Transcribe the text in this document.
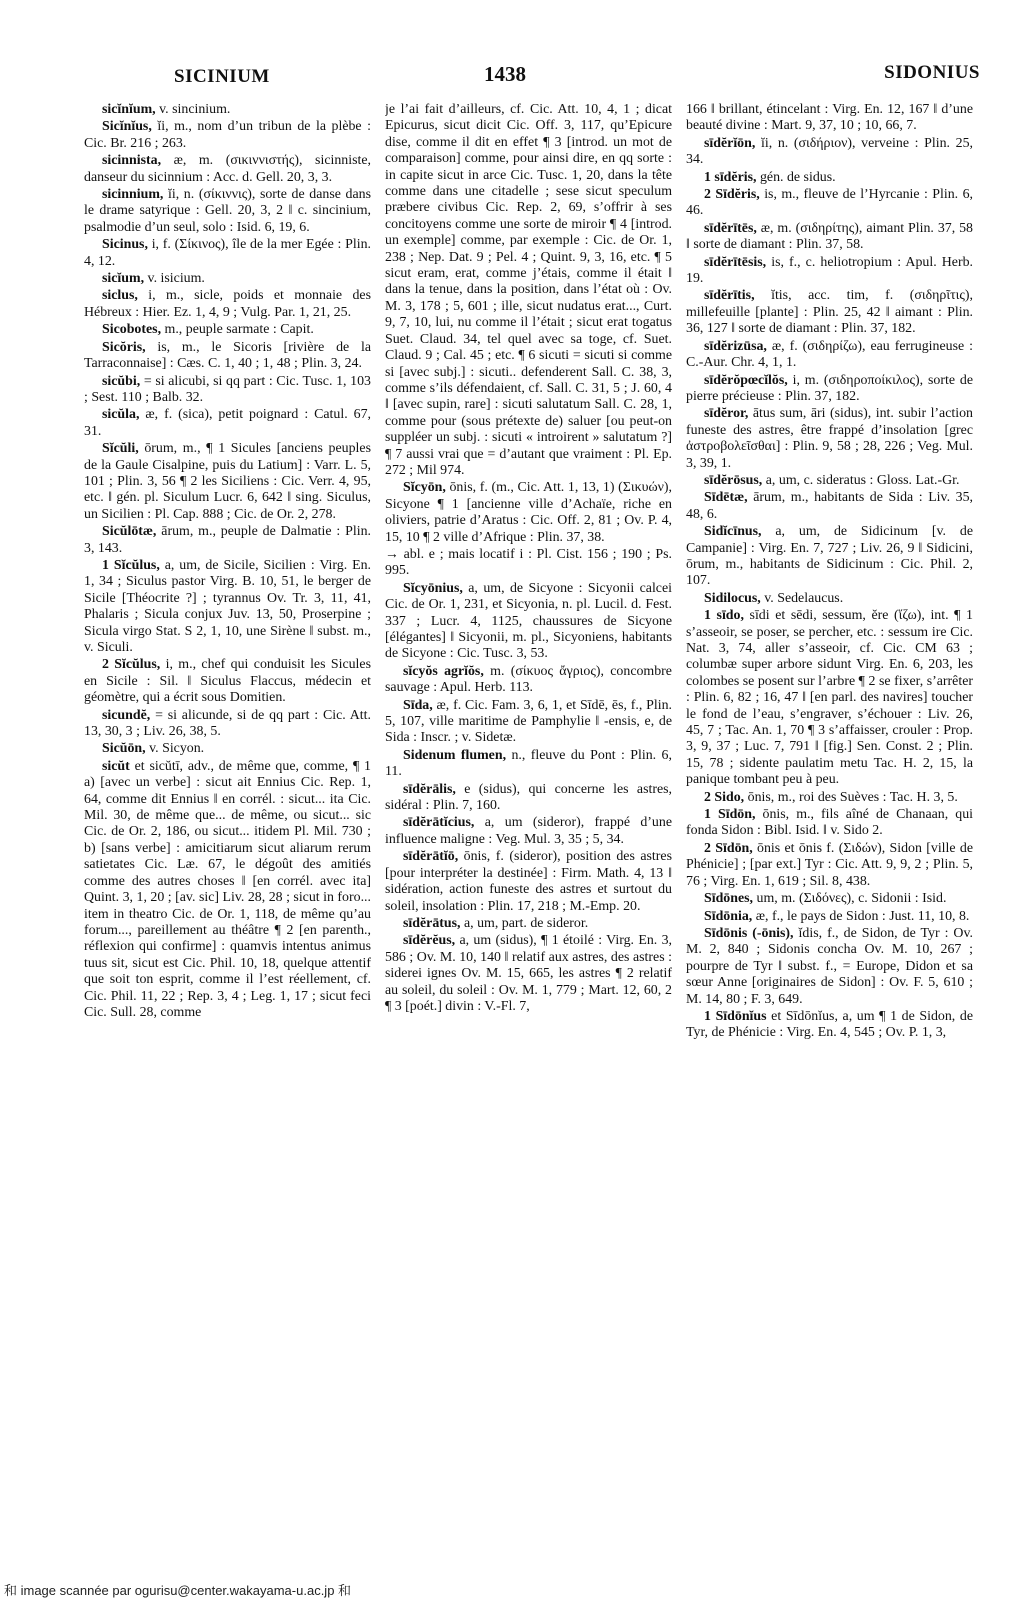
SICINIUM	1438	SIDONIUS

sicĭnĭum, v. sincinium.

Sicĭnĭus, ĭi, m., nom d’un tribun de la plèbe : Cic. Br. 216 ; 263.

sicinnista, æ, m. (σικιννιστής), sicinniste, danseur du sicinnium : Acc. d. Gell. 20, 3, 3.

sicinnium, ĭi, n. (σίκιννις), sorte de danse dans le drame satyrique : Gell. 20, 3, 2 ‖ c. sincinium, psalmodie d’un seul, solo : Isid. 6, 19, 6.

Sicinus, i, f. (Σίκινος), île de la mer Egée : Plin. 4, 12.

sicĭum, v. isicium.

siclus, i, m., sicle, poids et monnaie des Hébreux : Hier. Ez. 1, 4, 9 ; Vulg. Par. 1, 21, 25.

Sicobotes, m., peuple sarmate : Capit.

Sicŏris, is, m., le Sicoris [rivière de la Tarraconnaise] : Cæs. C. 1, 40 ; 1, 48 ; Plin. 3, 24.

sicŭbi, = si alicubi, si qq part : Cic. Tusc. 1, 103 ; Sest. 110 ; Balb. 32.

sicŭla, æ, f. (sica), petit poignard : Catul. 67, 31.

Sĭcŭli, ōrum, m., ¶ 1 Sicules [anciens peuples de la Gaule Cisalpine, puis du Latium] : Varr. L. 5, 101 ; Plin. 3, 56 ¶ 2 les Siciliens : Cic. Verr. 4, 95, etc. ‖ gén. pl. Siculum Lucr. 6, 642 ‖ sing. Siculus, un Sicilien : Pl. Cap. 888 ; Cic. de Or. 2, 278.

Sicŭlōtæ, ārum, m., peuple de Dalmatie : Plin. 3, 143.

1 Sĭcŭlus, a, um, de Sicile, Sicilien : Virg. En. 1, 34 ; Siculus pastor Virg. B. 10, 51, le berger de Sicile [Théocrite ?] ; tyrannus Ov. Tr. 3, 11, 41, Phalaris ; Sicula conjux Juv. 13, 50, Proserpine ; Sicula virgo Stat. S 2, 1, 10, une Sirène ‖ subst. m., v. Siculi.

2 Sĭcŭlus, i, m., chef qui conduisit les Sicules en Sicile : Sil. ‖ Siculus Flaccus, médecin et géomètre, qui a écrit sous Domitien.

sicundĕ, = si alicunde, si de qq part : Cic. Att. 13, 30, 3 ; Liv. 26, 38, 5.

Sicŭōn, v. Sicyon.

sicŭt et sicŭtī, adv., de même que, comme, ¶ 1 a) [avec un verbe] : sicut ait Ennius Cic. Rep. 1, 64, comme dit Ennius ‖ en corrél. : sicut... ita Cic. Mil. 30, de même que... de même, ou sicut... sic Cic. de Or. 2, 186, ou sicut... itidem Pl. Mil. 730 ; b) [sans verbe] : amicitiarum sicut aliarum rerum satietates Cic. Læ. 67, le dégoût des amitiés comme des autres choses ‖ [en corrél. avec ita] Quint. 3, 1, 20 ; [av. sic] Liv. 28, 28 ; sicut in foro... item in theatro Cic. de Or. 1, 118, de même qu’au forum..., pareillement au théâtre ¶ 2 [en parenth., réflexion qui confirme] : quamvis intentus animus tuus sit, sicut est Cic. Phil. 10, 18, quelque attentif que soit ton esprit, comme il l’est réellement, cf. Cic. Phil. 11, 22 ; Rep. 3, 4 ; Leg. 1, 17 ; sicut feci Cic. Sull. 28, comme

je l’ai fait d’ailleurs, cf. Cic. Att. 10, 4, 1 ; dicat Epicurus, sicut dicit Cic. Off. 3, 117, qu’Epicure dise, comme il dit en effet ¶ 3 [introd. un mot de comparaison] comme, pour ainsi dire, en qq sorte : in capite sicut in arce Cic. Tusc. 1, 20, dans la tête comme dans une citadelle ; sese sicut speculum præbere civibus Cic. Rep. 2, 69, s’offrir à ses concitoyens comme une sorte de miroir ¶ 4 [introd. un exemple] comme, par exemple : Cic. de Or. 1, 238 ; Nep. Dat. 9 ; Pel. 4 ; Quint. 9, 3, 16, etc. ¶ 5 sicut eram, erat, comme j’étais, comme il était ‖ dans la tenue, dans la position, dans l’état où : Ov. M. 3, 178 ; 5, 601 ; ille, sicut nudatus erat..., Curt. 9, 7, 10, lui, nu comme il l’était ; sicut erat togatus Suet. Claud. 34, tel quel avec sa toge, cf. Suet. Claud. 9 ; Cal. 45 ; etc. ¶ 6 sicuti = sicuti si comme si [avec subj.] : sicuti.. defenderent Sall. C. 38, 3, comme s’ils défendaient, cf. Sall. C. 31, 5 ; J. 60, 4 ‖ [avec supin, rare] : sicuti salutatum Sall. C. 28, 1, comme pour (sous prétexte de) saluer [ou peut-on suppléer un subj. : sicuti « introirent » salutatum ?] ¶ 7 aussi vrai que = d’autant que vraiment : Pl. Ep. 272 ; Mil 974.

Sĭcyōn, ōnis, f. (m., Cic. Att. 1, 13, 1) (Σικυών), Sicyone ¶ 1 [ancienne ville d’Achaïe, riche en oliviers, patrie d’Aratus : Cic. Off. 2, 81 ; Ov. P. 4, 15, 10 ¶ 2 ville d’Afrique : Plin. 37, 38.

→ abl. e ; mais locatif i : Pl. Cist. 156 ; 190 ; Ps. 995.

Sĭcyōnius, a, um, de Sicyone : Sicyonii calcei Cic. de Or. 1, 231, et Sicyonia, n. pl. Lucil. d. Fest. 337 ; Lucr. 4, 1125, chaussures de Sicyone [élégantes] ‖ Sicyonii, m. pl., Sicyoniens, habitants de Sicyone : Cic. Tusc. 3, 53.

sĭcyŏs agrĭŏs, m. (σίκυος ἄγριος), concombre sauvage : Apul. Herb. 113.

Sīda, æ, f. Cic. Fam. 3, 6, 1, et Sīdē, ēs, f., Plin. 5, 107, ville maritime de Pamphylie ‖ -ensis, e, de Sida : Inscr. ; v. Sidetæ.

Sidenum flumen, n., fleuve du Pont : Plin. 6, 11.

sīdĕrālis, e (sidus), qui concerne les astres, sidéral : Plin. 7, 160.

sīdĕrātĭcius, a, um (sideror), frappé d’une influence maligne : Veg. Mul. 3, 35 ; 5, 34.

sīdĕrātĭō, ōnis, f. (sideror), position des astres [pour interpréter la destinée] : Firm. Math. 4, 13 ‖ sidération, action funeste des astres et surtout du soleil, insolation : Plin. 17, 218 ; M.-Emp. 20.

sīdĕrātus, a, um, part. de sideror.

sīdĕrĕus, a, um (sidus), ¶ 1 étoilé : Virg. En. 3, 586 ; Ov. M. 10, 140 ‖ relatif aux astres, des astres : siderei ignes Ov. M. 15, 665, les astres ¶ 2 relatif au soleil, du soleil : Ov. M. 1, 779 ; Mart. 12, 60, 2 ¶ 3 [poét.] divin : V.-Fl. 7,

166 ‖ brillant, étincelant : Virg. En. 12, 167 ‖ d’une beauté divine : Mart. 9, 37, 10 ; 10, 66, 7.

sīdĕrĭōn, ĭi, n. (σιδήριον), verveine : Plin. 25, 34.

1 sīdĕris, gén. de sidus.

2 Sīdĕris, is, m., fleuve de l’Hyrcanie : Plin. 6, 46.

sīdĕrītēs, æ, m. (σιδηρίτης), aimant Plin. 37, 58 ‖ sorte de diamant : Plin. 37, 58.

sīdĕrītēsis, is, f., c. heliotropium : Apul. Herb. 19.

sīdĕrītis, ĭtis, acc. tim, f. (σιδηρῖτις), millefeuille [plante] : Plin. 25, 42 ‖ aimant : Plin. 36, 127 ‖ sorte de diamant : Plin. 37, 182.

sīdĕrizūsa, æ, f. (σιδηρίζω), eau ferrugineuse : C.-Aur. Chr. 4, 1, 1.

sīdĕrŏpœcĭlŏs, i, m. (σιδηροποίκιλος), sorte de pierre précieuse : Plin. 37, 182.

sīdĕror, ātus sum, āri (sidus), int. subir l’action funeste des astres, être frappé d’insolation [grec ἀστροβολεῖσθαι] : Plin. 9, 58 ; 28, 226 ; Veg. Mul. 3, 39, 1.

sīdĕrōsus, a, um, c. sideratus : Gloss. Lat.-Gr.

Sīdētæ, ārum, m., habitants de Sida : Liv. 35, 48, 6.

Sidĭcīnus, a, um, de Sidicinum [v. de Campanie] : Virg. En. 7, 727 ; Liv. 26, 9 ‖ Sidicini, ōrum, m., habitants de Sidicinum : Cic. Phil. 2, 107.

Sidilocus, v. Sedelaucus.

1 sīdo, sīdi et sēdi, sessum, ĕre (ἵζω), int. ¶ 1 s’asseoir, se poser, se percher, etc. : sessum ire Cic. Nat. 3, 74, aller s’asseoir, cf. Cic. CM 63 ; columbæ super arbore sidunt Virg. En. 6, 203, les colombes se posent sur l’arbre ¶ 2 se fixer, s’arrêter : Plin. 6, 82 ; 16, 47 ‖ [en parl. des navires] toucher le fond de l’eau, s’engraver, s’échouer : Liv. 26, 45, 7 ; Tac. An. 1, 70 ¶ 3 s’affaisser, crouler : Prop. 3, 9, 37 ; Luc. 7, 791 ‖ [fig.] Sen. Const. 2 ; Plin. 15, 78 ; sidente paulatim metu Tac. H. 2, 15, la panique tombant peu à peu.

2 Sido, ōnis, m., roi des Suèves : Tac. H. 3, 5.

1 Sīdōn, ōnis, m., fils aîné de Chanaan, qui fonda Sidon : Bibl. Isid. ‖ v. Sido 2.

2 Sīdōn, ōnis et ōnis f. (Σιδών), Sidon [ville de Phénicie] ; [par ext.] Tyr : Cic. Att. 9, 9, 2 ; Plin. 5, 76 ; Virg. En. 1, 619 ; Sil. 8, 438.

Sīdōnes, um, m. (Σιδόνες), c. Sidonii : Isid.

Sīdōnia, æ, f., le pays de Sidon : Just. 11, 10, 8.

Sīdōnis (-ōnis), ĭdis, f., de Sidon, de Tyr : Ov. M. 2, 840 ; Sidonis concha Ov. M. 10, 267 ; pourpre de Tyr ‖ subst. f., = Europe, Didon et sa sœur Anne [originaires de Sidon] : Ov. F. 5, 610 ; M. 14, 80 ; F. 3, 649.

1 Sīdōnĭus et Sīdōnĭus, a, um ¶ 1 de Sidon, de Tyr, de Phénicie : Virg. En. 4, 545 ; Ov. P. 1, 3,

和 image scannée par ogurisu@center.wakayama-u.ac.jp 和
